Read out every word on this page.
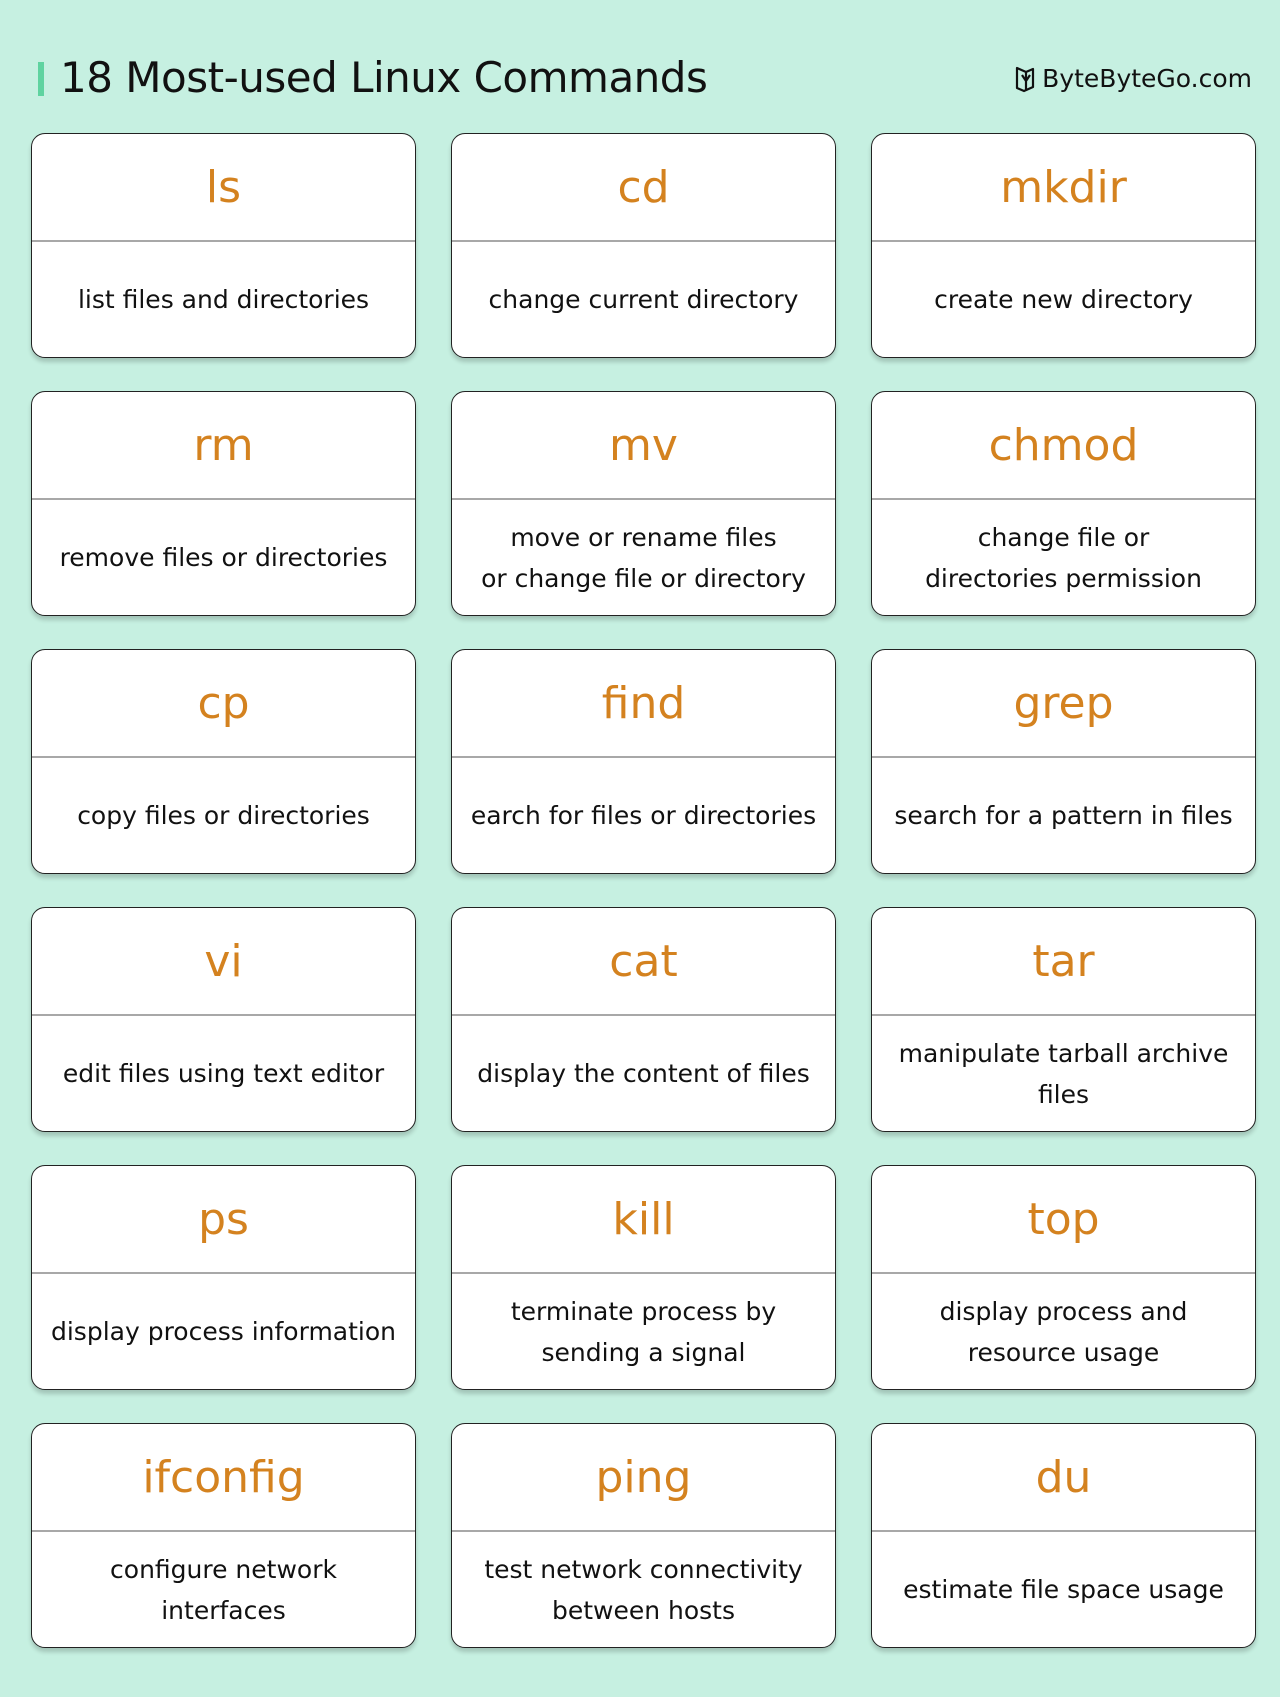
18 Most-used Linux Commands	ByteByteGo.com
ls
list files and directories
cd
change current directory
mkdir
create new directory
rm
remove files or directories
mv
move or rename files
or change file or directory
chmod
change file or
directories permission
cp
copy files or directories
find
earch for files or directories
grep
search for a pattern in files
vi
edit files using text editor
cat
display the content of files
tar
manipulate tarball archive
files
ps
display process information
kill
terminate process by
sending a signal
top
display process and
resource usage
ifconfig
configure network
interfaces
ping
test network connectivity
between hosts
du
estimate file space usage
